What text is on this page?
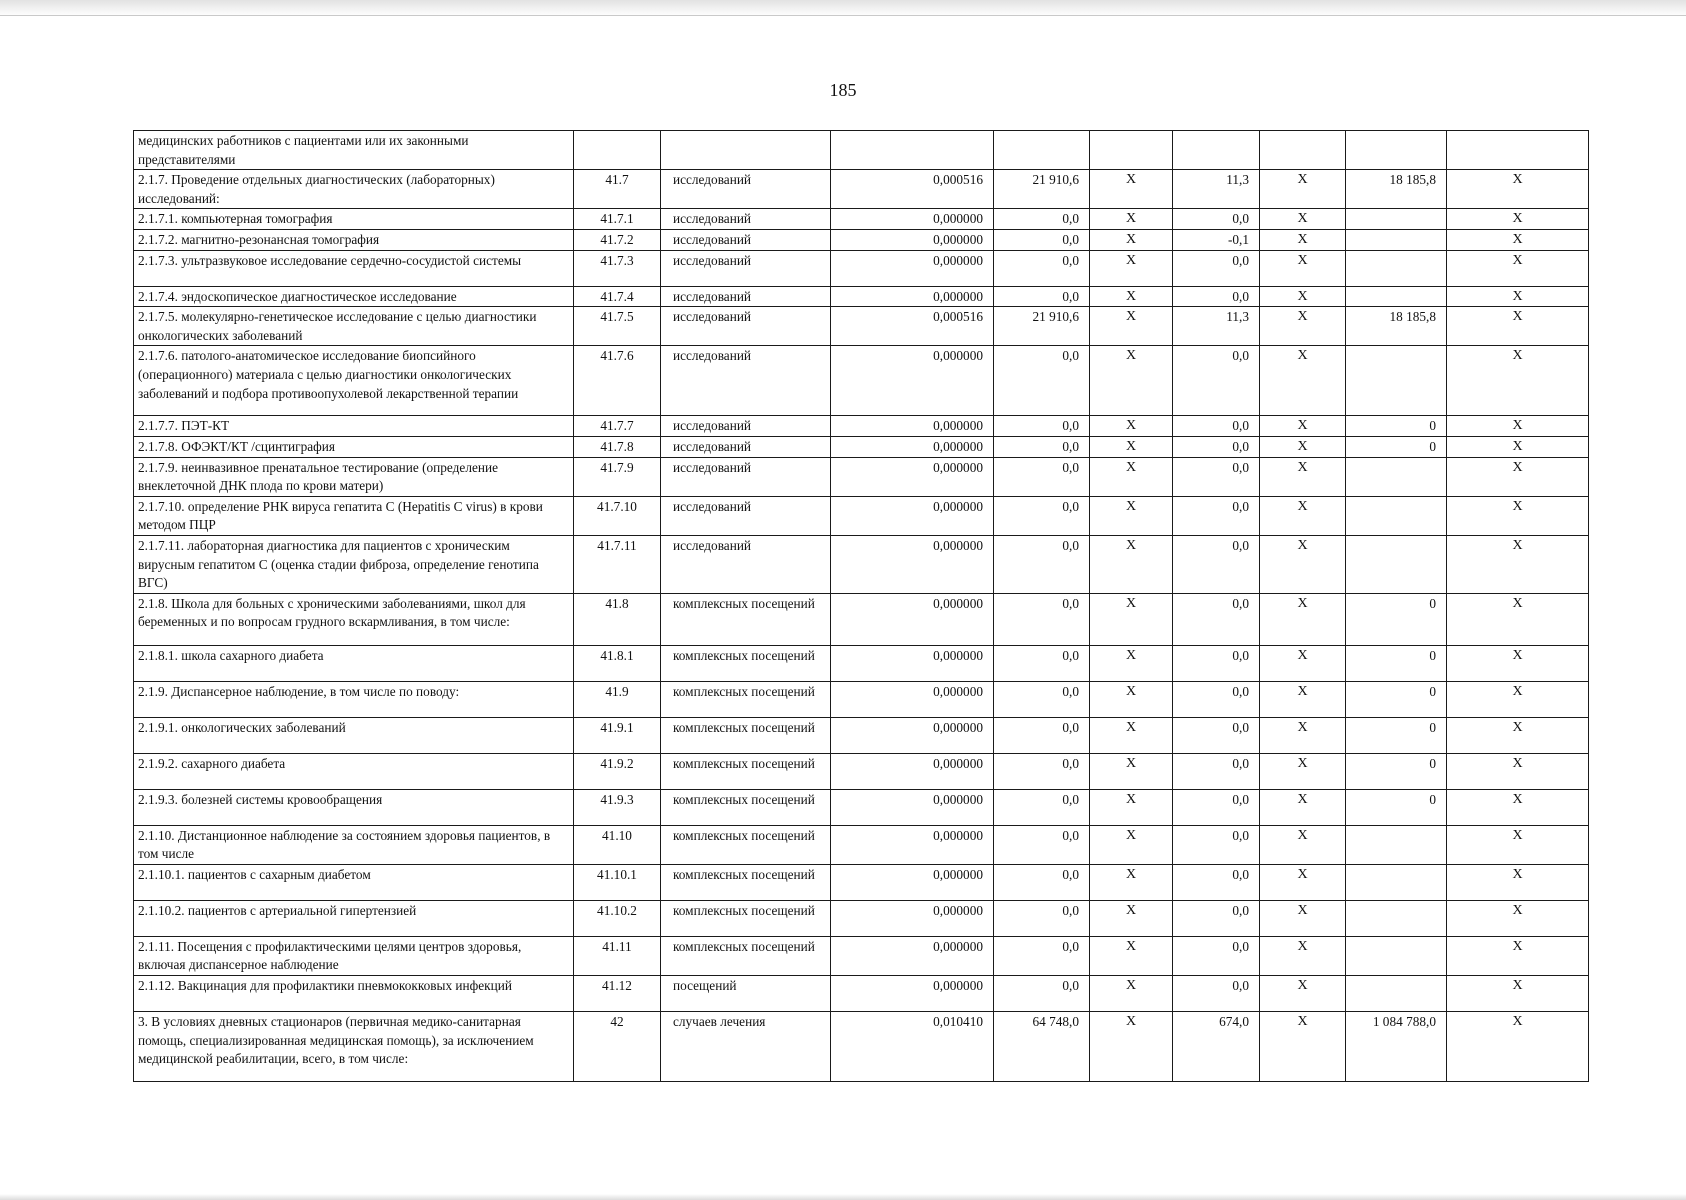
185
медицинских работников с пациентами или их законными представителями									
2.1.7. Проведение отдельных диагностических (лабораторных) исследований:	41.7	исследований	0,000516	21 910,6	X	11,3	X	18 185,8	X
2.1.7.1. компьютерная томография	41.7.1	исследований	0,000000	0,0	X	0,0	X		X
2.1.7.2. магнитно-резонансная томография	41.7.2	исследований	0,000000	0,0	X	-0,1	X		X
2.1.7.3. ультразвуковое исследование сердечно-сосудистой системы	41.7.3	исследований	0,000000	0,0	X	0,0	X		X
2.1.7.4. эндоскопическое диагностическое исследование	41.7.4	исследований	0,000000	0,0	X	0,0	X		X
2.1.7.5. молекулярно-генетическое исследование с целью диагностики онкологических заболеваний	41.7.5	исследований	0,000516	21 910,6	X	11,3	X	18 185,8	X
2.1.7.6. патолого-анатомическое исследование биопсийного (операционного) материала с целью диагностики онкологических заболеваний и подбора противоопухолевой лекарственной терапии	41.7.6	исследований	0,000000	0,0	X	0,0	X		X
2.1.7.7. ПЭТ-КТ	41.7.7	исследований	0,000000	0,0	X	0,0	X	0	X
2.1.7.8. ОФЭКТ/КТ /сцинтиграфия	41.7.8	исследований	0,000000	0,0	X	0,0	X	0	X
2.1.7.9. неинвазивное пренатальное тестирование (определение внеклеточной ДНК плода по крови матери)	41.7.9	исследований	0,000000	0,0	X	0,0	X		X
2.1.7.10. определение РНК вируса гепатита С (Hepatitis C virus) в крови методом ПЦР	41.7.10	исследований	0,000000	0,0	X	0,0	X		X
2.1.7.11. лабораторная диагностика для пациентов с хроническим вирусным гепатитом С (оценка стадии фиброза, определение генотипа ВГС)	41.7.11	исследований	0,000000	0,0	X	0,0	X		X
2.1.8. Школа для больных с хроническими заболеваниями, школ для беременных и по вопросам грудного вскармливания, в том числе:	41.8	комплексных посещений	0,000000	0,0	X	0,0	X	0	X
2.1.8.1. школа сахарного диабета	41.8.1	комплексных посещений	0,000000	0,0	X	0,0	X	0	X
2.1.9. Диспансерное наблюдение, в том числе по поводу:	41.9	комплексных посещений	0,000000	0,0	X	0,0	X	0	X
2.1.9.1. онкологических заболеваний	41.9.1	комплексных посещений	0,000000	0,0	X	0,0	X	0	X
2.1.9.2. сахарного диабета	41.9.2	комплексных посещений	0,000000	0,0	X	0,0	X	0	X
2.1.9.3. болезней системы кровообращения	41.9.3	комплексных посещений	0,000000	0,0	X	0,0	X	0	X
2.1.10. Дистанционное наблюдение за состоянием здоровья пациентов, в том числе	41.10	комплексных посещений	0,000000	0,0	X	0,0	X		X
2.1.10.1. пациентов с сахарным диабетом	41.10.1	комплексных посещений	0,000000	0,0	X	0,0	X		X
2.1.10.2. пациентов с артериальной гипертензией	41.10.2	комплексных посещений	0,000000	0,0	X	0,0	X		X
2.1.11. Посещения с профилактическими целями центров здоровья, включая диспансерное наблюдение	41.11	комплексных посещений	0,000000	0,0	X	0,0	X		X
2.1.12. Вакцинация для профилактики пневмококковых инфекций	41.12	посещений	0,000000	0,0	X	0,0	X		X
3. В условиях дневных стационаров (первичная медико-санитарная помощь, специализированная медицинская помощь), за исключением медицинской реабилитации, всего, в том числе:	42	случаев лечения	0,010410	64 748,0	X	674,0	X	1 084 788,0	X
